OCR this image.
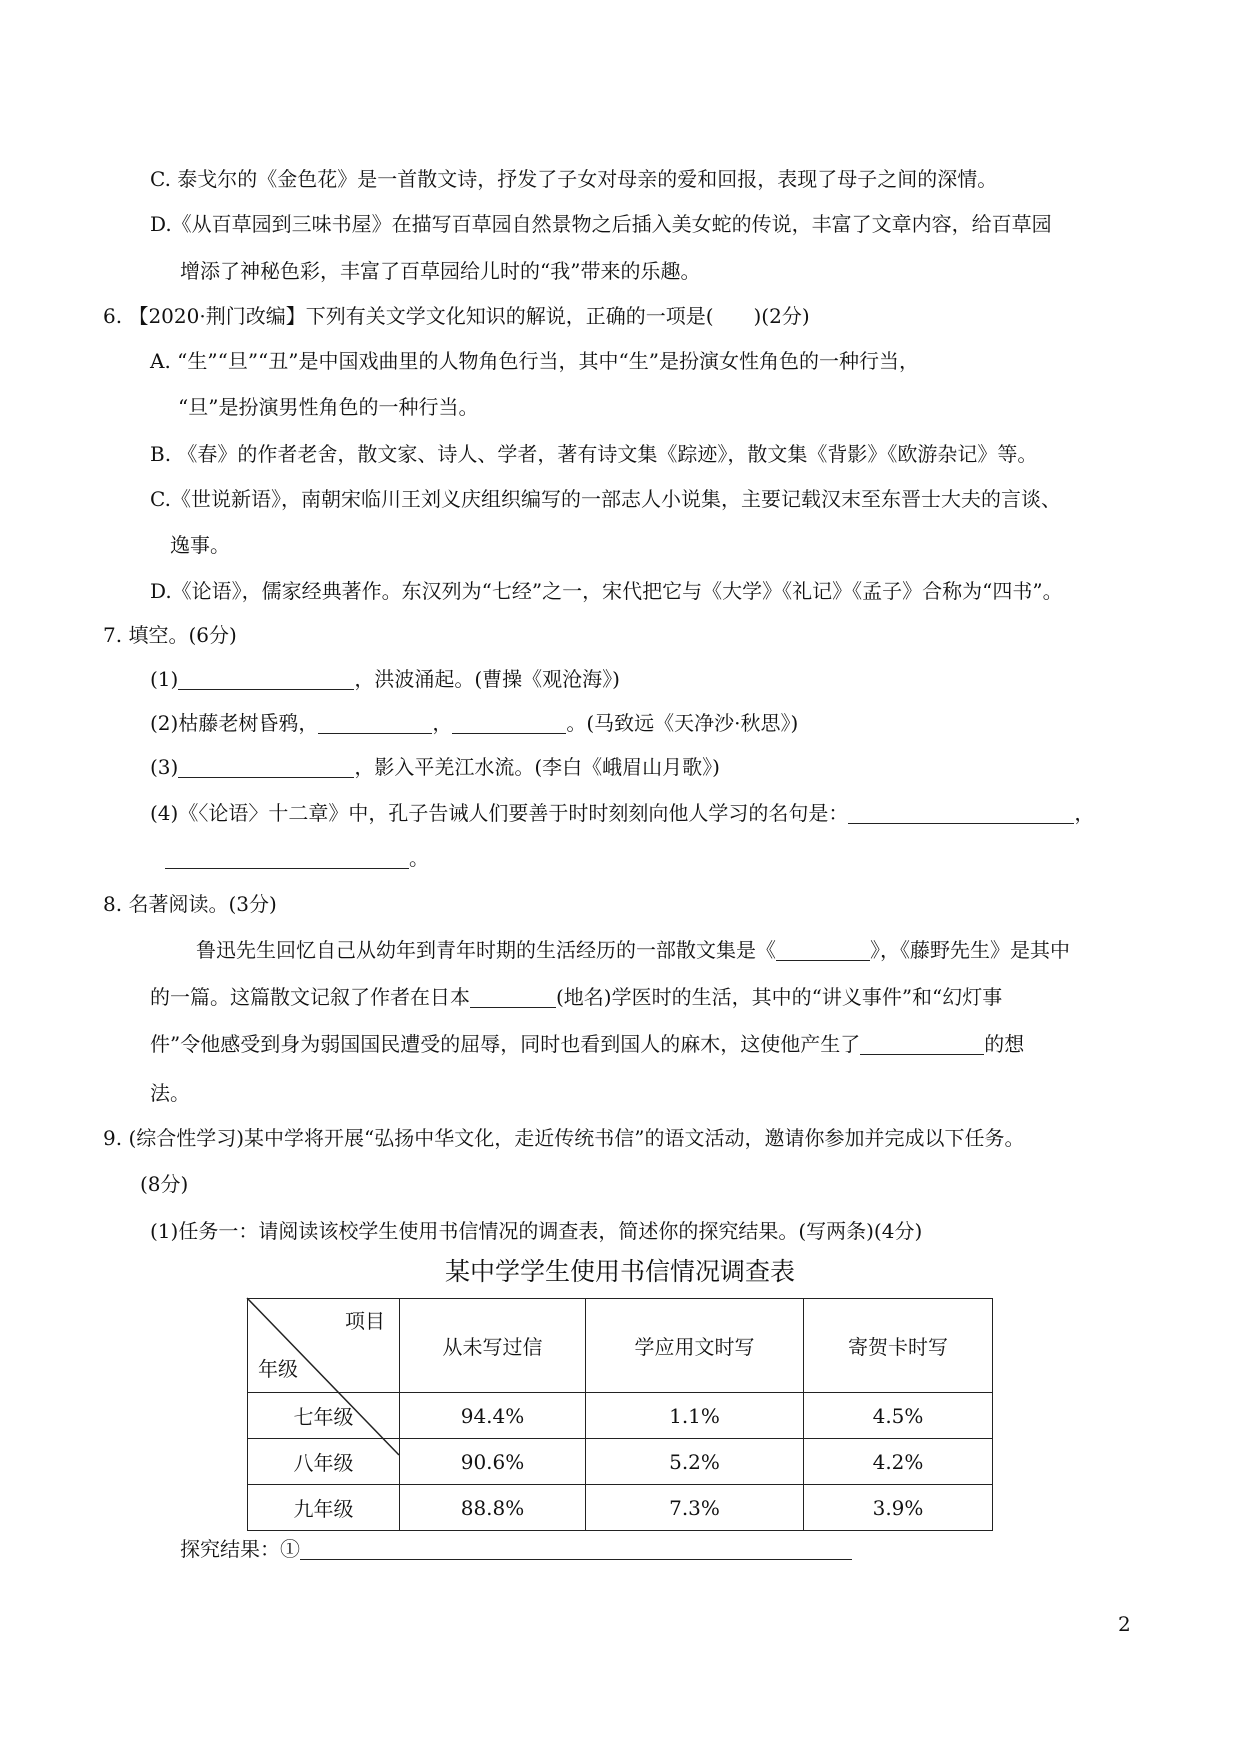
C. 泰戈尔的《金色花》是一首散文诗，抒发了子女对母亲的爱和回报，表现了母子之间的深情。
D.《从百草园到三味书屋》在描写百草园自然景物之后插入美女蛇的传说，丰富了文章内容，给百草园
增添了神秘色彩，丰富了百草园给儿时的“我”带来的乐趣。
6. 【2020·荆门改编】下列有关文学文化知识的解说，正确的一项是(　　)(2分)
A. “生”“旦”“丑”是中国戏曲里的人物角色行当，其中“生”是扮演女性角色的一种行当，
“旦”是扮演男性角色的一种行当。
B. 《春》的作者老舍，散文家、诗人、学者，著有诗文集《踪迹》，散文集《背影》《欧游杂记》等。
C.《世说新语》，南朝宋临川王刘义庆组织编写的一部志人小说集，主要记载汉末至东晋士大夫的言谈、
逸事。
D.《论语》，儒家经典著作。东汉列为“七经”之一，宋代把它与《大学》《礼记》《孟子》合称为“四书”。
7. 填空。(6分)
(1)	，洪波涌起。(曹操《观沧海》)
(2)枯藤老树昏鸦，	，	。(马致远《天净沙·秋思》)
(3)	，影入平羌江水流。(李白《峨眉山月歌》)
(4)《〈论语〉十二章》中，孔子告诫人们要善于时时刻刻向他人学习的名句是：	，
。
8. 名著阅读。(3分)
鲁迅先生回忆自己从幼年到青年时期的生活经历的一部散文集是《	》，《藤野先生》是其中
的一篇。这篇散文记叙了作者在日本	(地名)学医时的生活，其中的“讲义事件”和“幻灯事
件”令他感受到身为弱国国民遭受的屈辱，同时也看到国人的麻木，这使他产生了	的想
法。
9. (综合性学习)某中学将开展“弘扬中华文化，走近传统书信”的语文活动，邀请你参加并完成以下任务。
(8分)
(1)任务一：请阅读该校学生使用书信情况的调查表，简述你的探究结果。(写两条)(4分)
某中学学生使用书信情况调查表
项目
年级	从未写过信	学应用文时写	寄贺卡时写
七年级	94.4%	1.1%	4.5%
八年级	90.6%	5.2%	4.2%
九年级	88.8%	7.3%	3.9%
探究结果：①
2
